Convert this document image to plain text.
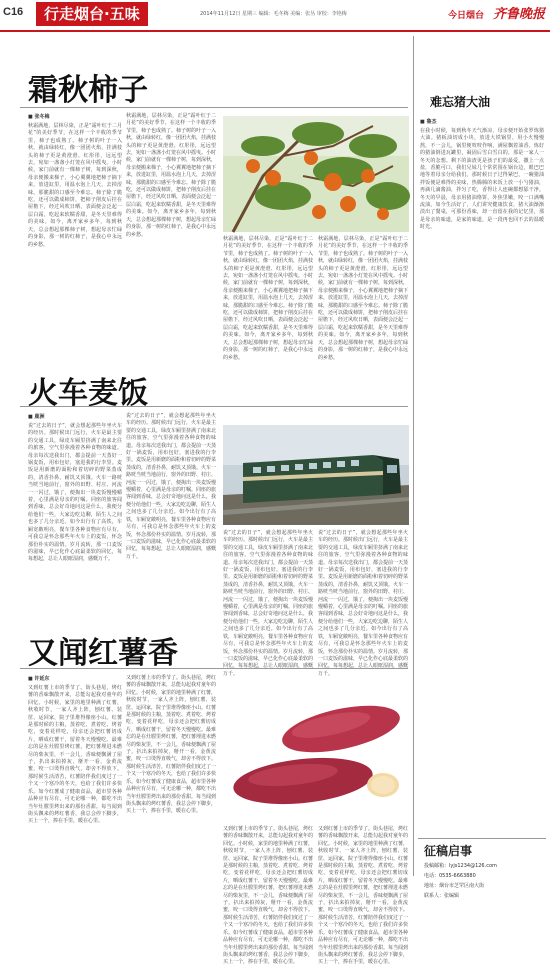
C16	行走烟台·五味	2014年11月12日 星期三 编辑：毛冬梅 美编：张丛 审校：李艳梅	今日烟台 齐鲁晚报
霜秋柿子
■ 张冬梅
秋霜满地，层林尽染，正是“霜叶红于二月花”的美好季节，在这样一个丰收的季节里，柿子也成熟了。柿子树的叶子一入秋，就由绿转红，像一团团火焰，挂满枝头的柿子更是黄澄澄、红彤彤，远远望去，宛如一盏盏小灯笼在风中摇曳。小时候，家门前就有一棵柿子树，每到深秋，母亲便搬来梯子，小心翼翼地把柿子摘下来，放进缸里，用温水泡上几天，去掉涩味，那脆甜的口感至今难忘。柿子除了脆吃，还可以做成柿饼，把柿子削皮后挂在屋檐下，经过风吹日晒，表面便会泛起一层白霜，吃起来软糯香甜，是冬天里难得的美味。如今，离开家乡多年，每到秋天，总会想起那棵柿子树，想起母亲忙碌的身影，那一树的红柿子，是我心中永远的乡愁。
秋霜满地，层林尽染，正是“霜叶红于二月花”的美好季节，在这样一个丰收的季节里，柿子也成熟了。柿子树的叶子一入秋，就由绿转红，像一团团火焰，挂满枝头的柿子更是黄澄澄、红彤彤，远远望去，宛如一盏盏小灯笼在风中摇曳。小时候，家门前就有一棵柿子树，每到深秋，母亲便搬来梯子，小心翼翼地把柿子摘下来，放进缸里，用温水泡上几天，去掉涩味，那脆甜的口感至今难忘。柿子除了脆吃，还可以做成柿饼，把柿子削皮后挂在屋檐下，经过风吹日晒，表面便会泛起一层白霜，吃起来软糯香甜，是冬天里难得的美味。如今，离开家乡多年，每到秋天，总会想起那棵柿子树，想起母亲忙碌的身影，那一树的红柿子，是我心中永远的乡愁。
秋霜满地，层林尽染，正是“霜叶红于二月花”的美好季节，在这样一个丰收的季节里，柿子也成熟了。柿子树的叶子一入秋，就由绿转红，像一团团火焰，挂满枝头的柿子更是黄澄澄、红彤彤，远远望去，宛如一盏盏小灯笼在风中摇曳。小时候，家门前就有一棵柿子树，每到深秋，母亲便搬来梯子，小心翼翼地把柿子摘下来，放进缸里，用温水泡上几天，去掉涩味，那脆甜的口感至今难忘。柿子除了脆吃，还可以做成柿饼，把柿子削皮后挂在屋檐下，经过风吹日晒，表面便会泛起一层白霜，吃起来软糯香甜，是冬天里难得的美味。如今，离开家乡多年，每到秋天，总会想起那棵柿子树，想起母亲忙碌的身影，那一树的红柿子，是我心中永远的乡愁。
秋霜满地，层林尽染，正是“霜叶红于二月花”的美好季节，在这样一个丰收的季节里，柿子也成熟了。柿子树的叶子一入秋，就由绿转红，像一团团火焰，挂满枝头的柿子更是黄澄澄、红彤彤，远远望去，宛如一盏盏小灯笼在风中摇曳。小时候，家门前就有一棵柿子树，每到深秋，母亲便搬来梯子，小心翼翼地把柿子摘下来，放进缸里，用温水泡上几天，去掉涩味，那脆甜的口感至今难忘。柿子除了脆吃，还可以做成柿饼，把柿子削皮后挂在屋檐下，经过风吹日晒，表面便会泛起一层白霜，吃起来软糯香甜，是冬天里难得的美味。如今，离开家乡多年，每到秋天，总会想起那棵柿子树，想起母亲忙碌的身影，那一树的红柿子，是我心中永远的乡愁。
火车麦饭
■ 鹿洲
说“过去的日子”，就会想起那些年坐火车的经历。那时候出门远行，火车是最主要的交通工具，绿皮车厢里挤满了南来北往的旅客，空气里弥漫着各种食物的味道。母亲每次送我出门，都会提前一天蒸好一锅麦饭，用布包好，塞进我的行李里。麦饭是用新磨的面粉和着切碎的野菜蒸成的，清香扑鼻，耐饥又顶饿。火车一路咣当咣当地前行，窗外的田野、村庄、河流一一闪过，饿了，便掏出一块麦饭慢慢嚼着，心里满是母亲的叮嘱。同座的旅客闻到香味，总会好奇地问这是什么，我便分给他们一些，大家边吃边聊，陌生人之间也多了几分亲近。如今出行有了高铁，车厢宽敞明亮，餐车里各种食物应有尽有，可我总是怀念那些年火车上的麦饭，怀念那份朴实的温情。岁月流转，那一口麦饭的滋味，早已化作心底最柔软的回忆，每每想起，总让人眼眶湿润，感慨万千。
说“过去的日子”，就会想起那些年坐火车的经历。那时候出门远行，火车是最主要的交通工具，绿皮车厢里挤满了南来北往的旅客，空气里弥漫着各种食物的味道。母亲每次送我出门，都会提前一天蒸好一锅麦饭，用布包好，塞进我的行李里。麦饭是用新磨的面粉和着切碎的野菜蒸成的，清香扑鼻，耐饥又顶饿。火车一路咣当咣当地前行，窗外的田野、村庄、河流一一闪过，饿了，便掏出一块麦饭慢慢嚼着，心里满是母亲的叮嘱。同座的旅客闻到香味，总会好奇地问这是什么，我便分给他们一些，大家边吃边聊，陌生人之间也多了几分亲近。如今出行有了高铁，车厢宽敞明亮，餐车里各种食物应有尽有，可我总是怀念那些年火车上的麦饭，怀念那份朴实的温情。岁月流转，那一口麦饭的滋味，早已化作心底最柔软的回忆，每每想起，总让人眼眶湿润，感慨万千。
说“过去的日子”，就会想起那些年坐火车的经历。那时候出门远行，火车是最主要的交通工具，绿皮车厢里挤满了南来北往的旅客，空气里弥漫着各种食物的味道。母亲每次送我出门，都会提前一天蒸好一锅麦饭，用布包好，塞进我的行李里。麦饭是用新磨的面粉和着切碎的野菜蒸成的，清香扑鼻，耐饥又顶饿。火车一路咣当咣当地前行，窗外的田野、村庄、河流一一闪过，饿了，便掏出一块麦饭慢慢嚼着，心里满是母亲的叮嘱。同座的旅客闻到香味，总会好奇地问这是什么，我便分给他们一些，大家边吃边聊，陌生人之间也多了几分亲近。如今出行有了高铁，车厢宽敞明亮，餐车里各种食物应有尽有，可我总是怀念那些年火车上的麦饭，怀念那份朴实的温情。岁月流转，那一口麦饭的滋味，早已化作心底最柔软的回忆，每每想起，总让人眼眶湿润，感慨万千。
说“过去的日子”，就会想起那些年坐火车的经历。那时候出门远行，火车是最主要的交通工具，绿皮车厢里挤满了南来北往的旅客，空气里弥漫着各种食物的味道。母亲每次送我出门，都会提前一天蒸好一锅麦饭，用布包好，塞进我的行李里。麦饭是用新磨的面粉和着切碎的野菜蒸成的，清香扑鼻，耐饥又顶饿。火车一路咣当咣当地前行，窗外的田野、村庄、河流一一闪过，饿了，便掏出一块麦饭慢慢嚼着，心里满是母亲的叮嘱。同座的旅客闻到香味，总会好奇地问这是什么，我便分给他们一些，大家边吃边聊，陌生人之间也多了几分亲近。如今出行有了高铁，车厢宽敞明亮，餐车里各种食物应有尽有，可我总是怀念那些年火车上的麦饭，怀念那份朴实的温情。岁月流转，那一口麦饭的滋味，早已化作心底最柔软的回忆，每每想起，总让人眼眶湿润，感慨万千。
又闻红薯香
■ 许延东
又到红薯上市的季节了。街头巷尾，烤红薯的香味飘散开来，总能勾起我对童年的回忆。小时候，家里的地里种满了红薯，秋收时节，一家人齐上阵，刨红薯、装筐、运回家，院子里堆得像座小山。红薯是那时候的主粮，蒸着吃、煮着吃、烤着吃，变着花样吃，母亲还会把红薯切成片，晒成红薯干，留着冬天慢慢吃。最难忘的是在灶膛里烤红薯，把红薯埋进未燃尽的柴灰里，不一会儿，香味便飘满了屋子，扒出来拍掉灰，掰开一看，金黄流蜜，咬一口烫得直吸气，却舍不得放下。那时候生活清苦，红薯陪伴我们度过了一个又一个寒冷的冬天，也给了我们许多快乐。如今红薯成了健康食品，超市里各种品种应有尽有，可无论哪一种，都吃不出当年灶膛里烤出来的那份香甜。每当闻到街头飘来的烤红薯香，我总会停下脚步，买上一个，捧在手里，暖在心里。
又到红薯上市的季节了。街头巷尾，烤红薯的香味飘散开来，总能勾起我对童年的回忆。小时候，家里的地里种满了红薯，秋收时节，一家人齐上阵，刨红薯、装筐、运回家，院子里堆得像座小山。红薯是那时候的主粮，蒸着吃、煮着吃、烤着吃，变着花样吃，母亲还会把红薯切成片，晒成红薯干，留着冬天慢慢吃。最难忘的是在灶膛里烤红薯，把红薯埋进未燃尽的柴灰里，不一会儿，香味便飘满了屋子，扒出来拍掉灰，掰开一看，金黄流蜜，咬一口烫得直吸气，却舍不得放下。那时候生活清苦，红薯陪伴我们度过了一个又一个寒冷的冬天，也给了我们许多快乐。如今红薯成了健康食品，超市里各种品种应有尽有，可无论哪一种，都吃不出当年灶膛里烤出来的那份香甜。每当闻到街头飘来的烤红薯香，我总会停下脚步，买上一个，捧在手里，暖在心里。
又到红薯上市的季节了。街头巷尾，烤红薯的香味飘散开来，总能勾起我对童年的回忆。小时候，家里的地里种满了红薯，秋收时节，一家人齐上阵，刨红薯、装筐、运回家，院子里堆得像座小山。红薯是那时候的主粮，蒸着吃、煮着吃、烤着吃，变着花样吃，母亲还会把红薯切成片，晒成红薯干，留着冬天慢慢吃。最难忘的是在灶膛里烤红薯，把红薯埋进未燃尽的柴灰里，不一会儿，香味便飘满了屋子，扒出来拍掉灰，掰开一看，金黄流蜜，咬一口烫得直吸气，却舍不得放下。那时候生活清苦，红薯陪伴我们度过了一个又一个寒冷的冬天，也给了我们许多快乐。如今红薯成了健康食品，超市里各种品种应有尽有，可无论哪一种，都吃不出当年灶膛里烤出来的那份香甜。每当闻到街头飘来的烤红薯香，我总会停下脚步，买上一个，捧在手里，暖在心里。
又到红薯上市的季节了。街头巷尾，烤红薯的香味飘散开来，总能勾起我对童年的回忆。小时候，家里的地里种满了红薯，秋收时节，一家人齐上阵，刨红薯、装筐、运回家，院子里堆得像座小山。红薯是那时候的主粮，蒸着吃、煮着吃、烤着吃，变着花样吃，母亲还会把红薯切成片，晒成红薯干，留着冬天慢慢吃。最难忘的是在灶膛里烤红薯，把红薯埋进未燃尽的柴灰里，不一会儿，香味便飘满了屋子，扒出来拍掉灰，掰开一看，金黄流蜜，咬一口烫得直吸气，却舍不得放下。那时候生活清苦，红薯陪伴我们度过了一个又一个寒冷的冬天，也给了我们许多快乐。如今红薯成了健康食品，超市里各种品种应有尽有，可无论哪一种，都吃不出当年灶膛里烤出来的那份香甜。每当闻到街头飘来的烤红薯香，我总会停下脚步，买上一个，捧在手里，暖在心里。
难忘猪大油
■ 鲁杰
在我小时候，每到秋冬天气渐凉，母亲便开始张罗炼猪大油。猪板油切成小块，放进大铁锅里，用小火慢慢熬，不一会儿，锅里便吱吱作响，满屋飘着油香。炼好的猪油倒进瓦罐里，凝固后雪白雪白的，那是一家人一冬天的念想。剩下的油渣更是孩子们的最爱，撒上一点盐，香脆可口，我们兄妹几个常常围在锅台边，眼巴巴地等着母亲分给我们。那时候日子过得紧巴，一碗猪油拌饭便是难得的美味，热腾腾的米饭上放一小勺猪油，再滴几滴酱油，拌匀了吃，香得让人连碗都想舔干净。冬天的早晨，母亲用猪油烙饼，外焦里嫩，咬一口满嘴流油。如今生活好了，人们讲究健康饮食，猪大油渐渐淡出了餐桌，可那份香味，却一直留在我的记忆里，那是母亲的味道，是家的味道，是一段再也回不去的温暖时光。
征稿启事
投稿邮箱：lyjs1234@126.com
电话：0535-6663880
地址：烟台市芝罘区南大街
联系人：张编辑
